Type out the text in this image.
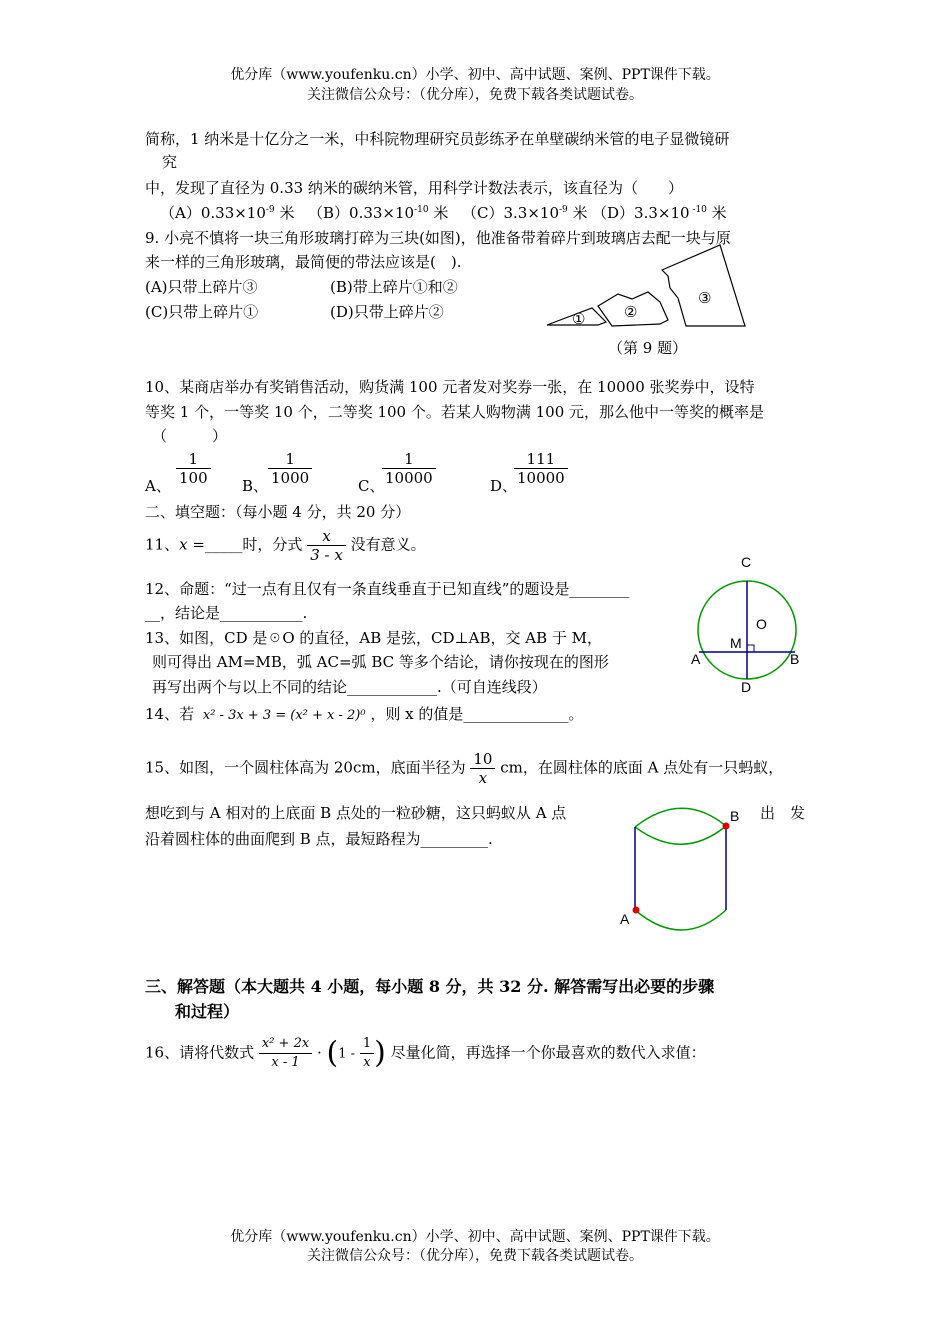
优分库（www.youfenku.cn）小学、初中、高中试题、案例、PPT课件下载。
关注微信公众号：（优分库），免费下载各类试题试卷。
简称，1 纳米是十亿分之一米，中科院物理研究员彭练矛在单壁碳纳米管的电子显微镜研
究
中，发现了直径为 0.33 纳米的碳纳米管，用科学计数法表示，该直径为（　　）
$(A)0.33\times 10^{-9}$ 米 $(B)0.33\times 10^{-10}$ 米 $(C)3.3\times 10^{-9}$ 米 （D）3.3×10 $^{-10}$ 米
9. 小亮不慎将一块三角形玻璃打碎为三块(如图)，他准备带着碎片到玻璃店去配一块与原
来一样的三角形玻璃，最简便的带法应该是(　).
(A)只带上碎片③	(B)带上碎片①和②
(C)只带上碎片①	(D)只带上碎片②	①	②
③
（第 9 题）
10、某商店举办有奖销售活动，购货满 100 元者发对奖券一张，在 10000 张奖券中，设特
等奖 1 个，一等奖 10 个，二等奖 100 个。若某人购物满 100 元，那么他中一等奖的概率是
（　　　）
A、 $\frac{1}{100}$ B、 $\frac{1}{1000}$	C、
$\frac{1}{10000}$	D、
$\frac{111}{10000}$
二、填空题：（每小题 4 分，共 20 分）
11、x =_____时，分式 $\frac{x}{3 - x}$ 没有意义。
12、命题：“过一点有且仅有一条直线垂直于已知直线”的题设是________
__，结论是___________.
13、如图，CD 是☉O 的直径，AB 是弦，CD⊥AB，交 AB 于 M，
则可得出 AM=MB，弧 AC=弧 BC 等多个结论，请你按现在的图形
再写出两个与以上不同的结论____________.（可自连线段）
C
O
M
A	B
D
14、若 x² - 3x + 3 = (x² + x - 2)⁰ ，则 x 的值是______________。
15、如图，一个圆柱体高为 20cm，底面半径为 $\frac{10}{x}$ cm，在圆柱体的底面 A 点处有一只蚂蚁，
想吃到与 A 相对的上底面 B 点处的一粒砂糖，这只蚂蚁从 A 点	出　发
沿着圆柱体的曲面爬到 B 点，最短路程为_________.
B
A
三、解答题（本大题共 4 小题，每小题 8 分，共 32 分. 解答需写出必要的步骤
和过程）
16、请将代数式 $\frac{\text{x² + 2x}}{x - 1} \cdot (1 - \frac{1}{x}$ ) 尽量化简，再选择一个你最喜欢的数代入求值：
优分库（www.youfenku.cn）小学、初中、高中试题、案例、PPT课件下载。
关注微信公众号：（优分库），免费下载各类试题试卷。
